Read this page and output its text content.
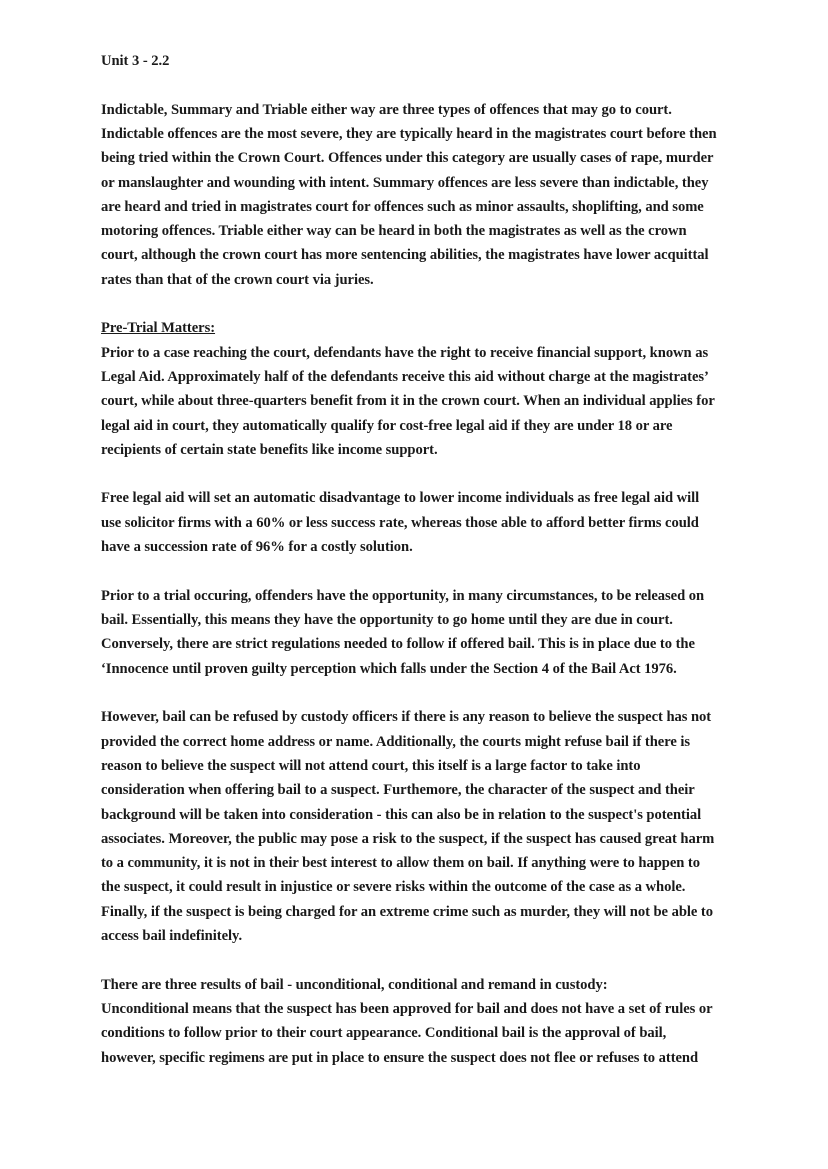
Unit 3 - 2.2
Indictable, Summary and Triable either way are three types of offences that may go to court.
Indictable offences are the most severe, they are typically heard in the magistrates court before then
being tried within the Crown Court. Offences under this category are usually cases of rape, murder
or manslaughter and wounding with intent. Summary offences are less severe than indictable, they
are heard and tried in magistrates court for offences such as minor assaults, shoplifting, and some
motoring offences. Triable either way can be heard in both the magistrates as well as the crown
court, although the crown court has more sentencing abilities, the magistrates have lower acquittal
rates than that of the crown court via juries.
Pre-Trial Matters:
Prior to a case reaching the court, defendants have the right to receive financial support, known as
Legal Aid. Approximately half of the defendants receive this aid without charge at the magistrates’
court, while about three-quarters benefit from it in the crown court. When an individual applies for
legal aid in court, they automatically qualify for cost-free legal aid if they are under 18 or are
recipients of certain state benefits like income support.
Free legal aid will set an automatic disadvantage to lower income individuals as free legal aid will
use solicitor firms with a 60% or less success rate, whereas those able to afford better firms could
have a succession rate of 96% for a costly solution.
Prior to a trial occuring, offenders have the opportunity, in many circumstances, to be released on
bail. Essentially, this means they have the opportunity to go home until they are due in court.
Conversely, there are strict regulations needed to follow if offered bail. This is in place due to the
‘Innocence until proven guilty perception which falls under the Section 4 of the Bail Act 1976.
However, bail can be refused by custody officers if there is any reason to believe the suspect has not
provided the correct home address or name. Additionally, the courts might refuse bail if there is
reason to believe the suspect will not attend court, this itself is a large factor to take into
consideration when offering bail to a suspect. Furthemore, the character of the suspect and their
background will be taken into consideration - this can also be in relation to the suspect's potential
associates. Moreover, the public may pose a risk to the suspect, if the suspect has caused great harm
to a community, it is not in their best interest to allow them on bail. If anything were to happen to
the suspect, it could result in injustice or severe risks within the outcome of the case as a whole.
Finally, if the suspect is being charged for an extreme crime such as murder, they will not be able to
access bail indefinitely.
There are three results of bail - unconditional, conditional and remand in custody:
Unconditional means that the suspect has been approved for bail and does not have a set of rules or
conditions to follow prior to their court appearance. Conditional bail is the approval of bail,
however, specific regimens are put in place to ensure the suspect does not flee or refuses to attend
